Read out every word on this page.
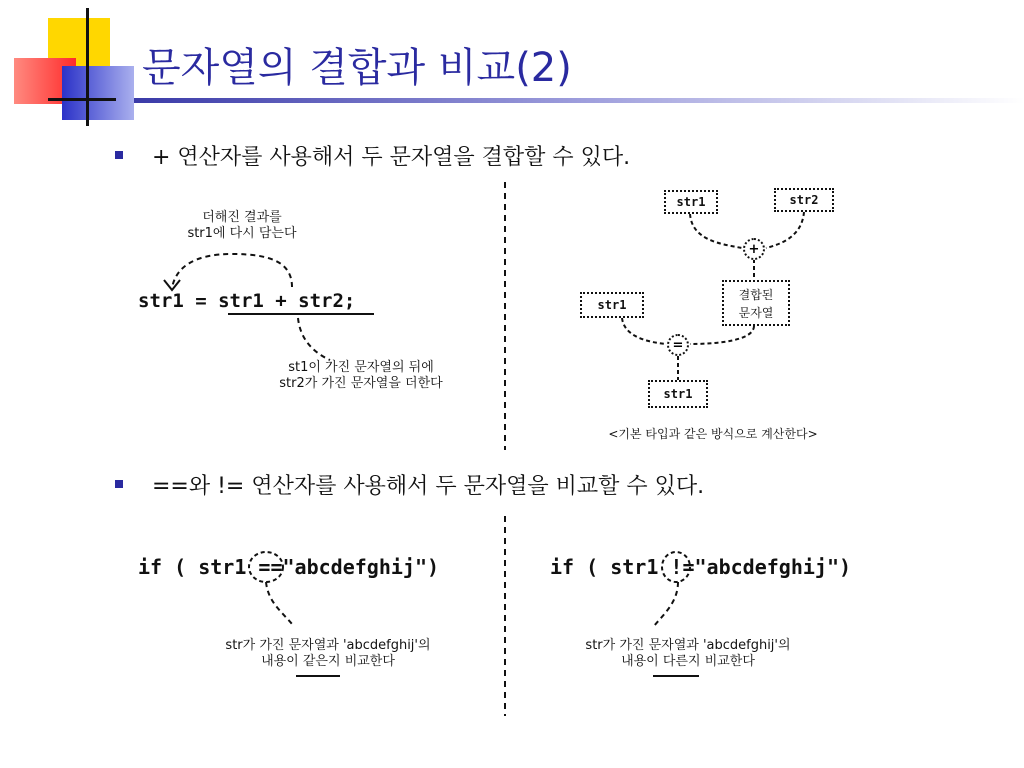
문자열의 결합과 비교(2)
+ 연산자를 사용해서 두 문자열을 결합할 수 있다.
==와 != 연산자를 사용해서 두 문자열을 비교할 수 있다.
더해진 결과를
str1에 다시 담는다
str1 = str1 + str2;
st1이 가진 문자열의 뒤에
str2가 가진 문자열을 더한다
str1	str2
+
결합된
문자열
str1
=
str1
<기본 타입과 같은 방식으로 계산한다>
if ( str1 =="abcdefghij")
str가 가진 문자열과 'abcdefghij'의
내용이 같은지 비교한다
if ( str1 !="abcdefghij")
str가 가진 문자열과 'abcdefghij'의
내용이 다른지 비교한다
